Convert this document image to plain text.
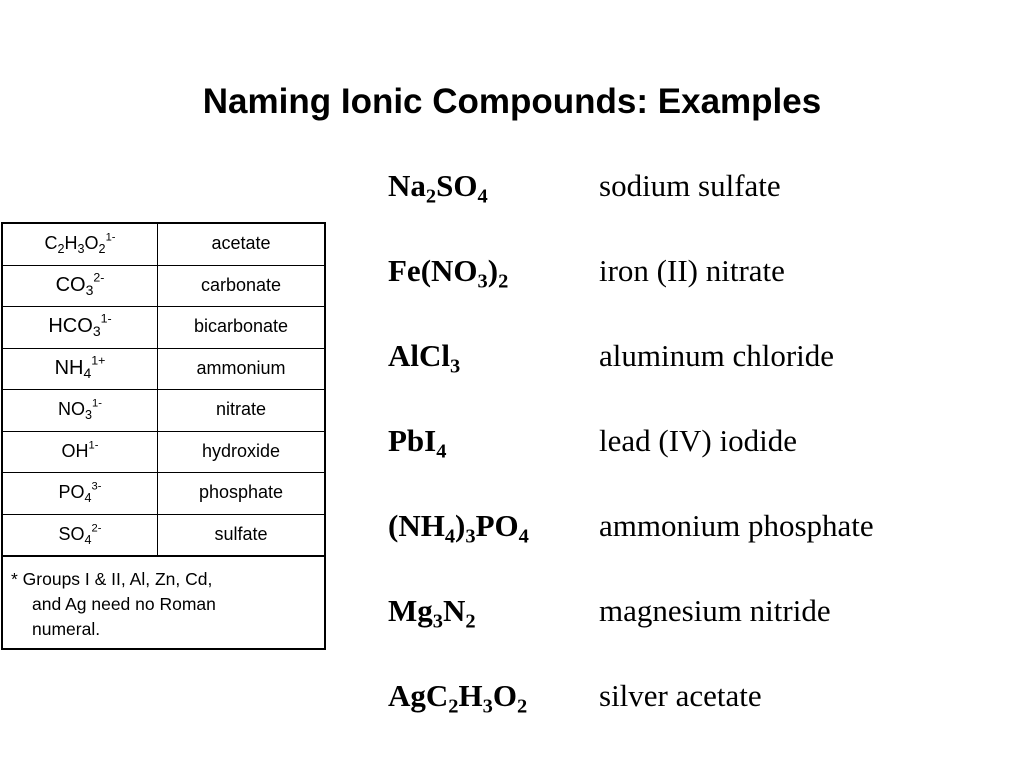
Naming Ionic Compounds: Examples
$C_2H_3O_2^{1-}$	acetate
$CO_3^{2-}$	carbonate
$HCO_3^{1-}$	bicarbonate
$NH_4^{1+}$	ammonium
$NO_3^{1-}$	nitrate
$OH^{1-}$	hydroxide
$PO_4^{3-}$	phosphate
$SO_4^{2-}$	sulfate
* Groups I & II, Al, Zn, Cd,
and Ag need no Roman
numeral.
$Na_2SO_4$	sodium sulfate
$Fe(NO_3)_2$	iron (II) nitrate
AlCl$_3$	aluminum chloride
PbI$_4$	lead (IV) iodide
$(NH_4)_3PO_4$ ammonium phosphate
$Mg_3N_2$	magnesium nitride
$AgC_2H_3O_2$ silver acetate
